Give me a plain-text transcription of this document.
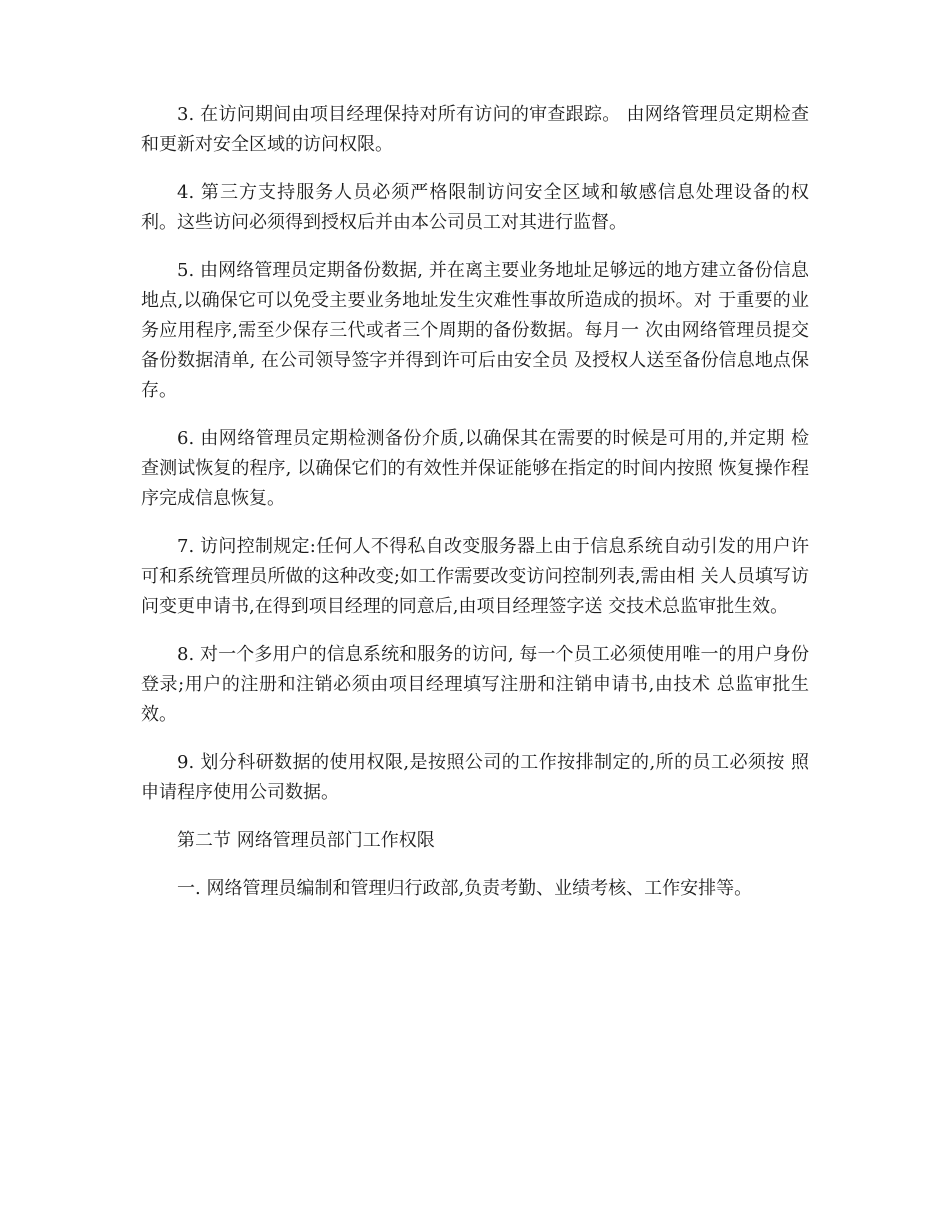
3. 在访问期间由项目经理保持对所有访问的审查跟踪。 由网络管理员定期检查 和更新对安全区域的访问权限。

4. 第三方支持服务人员必须严格限制访问安全区域和敏感信息处理设备的权利。这些访问必须得到授权后并由本公司员工对其进行监督。

5. 由网络管理员定期备份数据, 并在离主要业务地址足够远的地方建立备份信息地点,以确保它可以免受主要业务地址发生灾难性事故所造成的损坏。对 于重要的业务应用程序,需至少保存三代或者三个周期的备份数据。每月一 次由网络管理员提交备份数据清单, 在公司领导签字并得到许可后由安全员 及授权人送至备份信息地点保存。

6. 由网络管理员定期检测备份介质,以确保其在需要的时候是可用的,并定期 检查测试恢复的程序, 以确保它们的有效性并保证能够在指定的时间内按照 恢复操作程序完成信息恢复。

7. 访问控制规定:任何人不得私自改变服务器上由于信息系统自动引发的用户许可和系统管理员所做的这种改变;如工作需要改变访问控制列表,需由相 关人员填写访问变更申请书,在得到项目经理的同意后,由项目经理签字送 交技术总监审批生效。

8. 对一个多用户的信息系统和服务的访问, 每一个员工必须使用唯一的用户身份登录;用户的注册和注销必须由项目经理填写注册和注销申请书,由技术 总监审批生效。

9. 划分科研数据的使用权限,是按照公司的工作按排制定的,所的员工必须按 照申请程序使用公司数据。

第二节 网络管理员部门工作权限

一. 网络管理员编制和管理归行政部,负责考勤、业绩考核、工作安排等。
